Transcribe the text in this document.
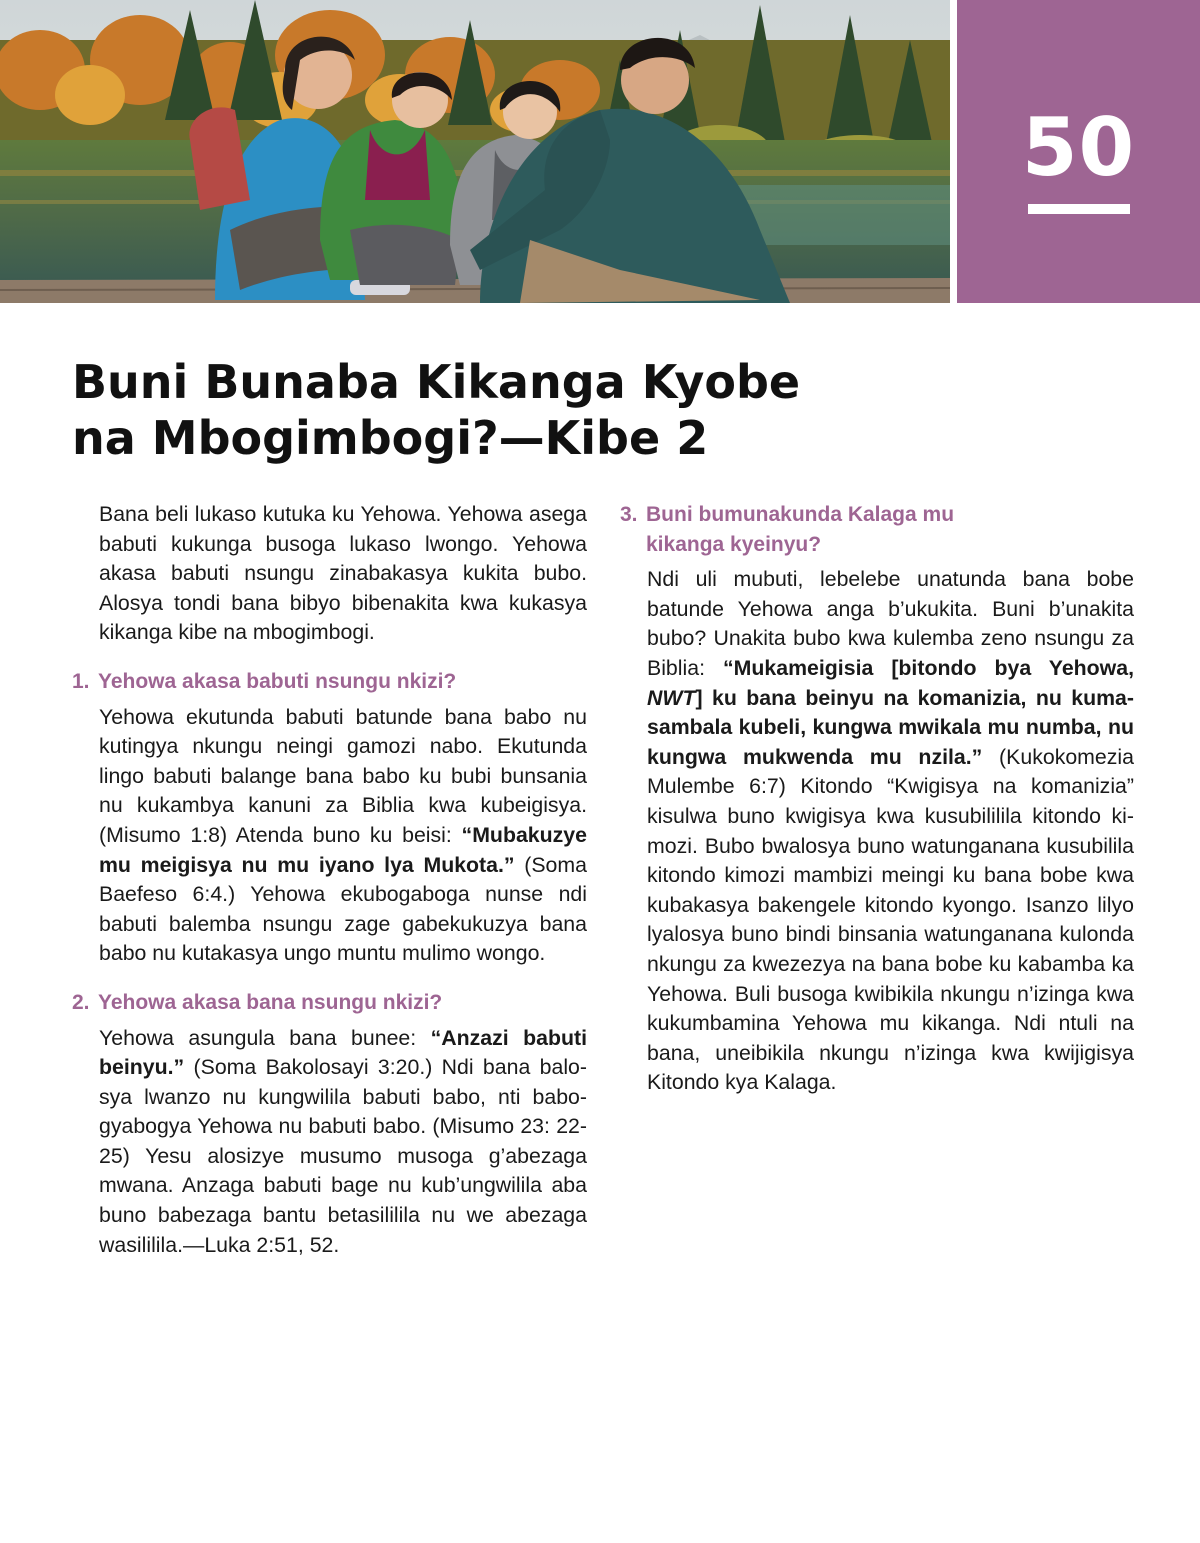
50
Buni Bunaba Kikanga Kyobe
na Mbogimbogi?—Kibe 2

Bana beli lukaso kutuka ku Yehowa. Yehowa asega babuti kukunga busoga lukaso lwongo. Yehowa akasa babuti nsungu zinabakasya kukita bubo. Alosya tondi bana bibyo bibenakita kwa kukasya kikanga kibe na mbogimbogi.

1. Yehowa akasa babuti nsungu nkizi?

Yehowa ekutunda babuti batunde bana babo nu kutingya nkungu neingi gamozi nabo. Ekutunda lingo babuti balange bana babo ku bubi bunsania nu kukambya kanuni za Biblia kwa kubeigisya. (Misumo 1:8) Atenda buno ku beisi: “Mubakuzye mu meigisya nu mu iyano lya Mukota.” (Soma Baefeso 6:4.) Yehowa ekubogaboga nunse ndi babuti balemba nsungu zage gabekukuzya bana babo nu kutakasya ungo muntu mulimo wongo.

2. Yehowa akasa bana nsungu nkizi?

Yehowa asungula bana bunee: “Anzazi babuti beinyu.” (Soma Bakolosayi 3:20.) Ndi bana balosya lwanzo nu kungwilila babuti babo, nti babogyabogya Yehowa nu babuti babo. (Misumo 23: 22-25) Yesu alosizye musumo musoga g’abezaga mwana. Anzaga babuti bage nu kub’ungwilila aba buno babezaga bantu betasililila nu we abezaga wasililila.—Luka 2:51, 52.

3. Buni bumunakunda Kalaga mu
kikanga kyeinyu?

Ndi uli mubuti, lebelebe unatunda bana bobe batunde Yehowa anga b’ukukita. Buni b’unakita bubo? Unakita bubo kwa kulemba zeno nsungu za Biblia: “Mukameigisia [bitondo bya Yehowa, NWT] ku bana beinyu na komanizia, nu kumasambala kubeli, kungwa mwikala mu numba, nu kungwa mukwenda mu nzila.” (Kukokomezia Mulembe 6:7) Kitondo “Kwigisya na komanizia” kisulwa buno kwigisya kwa kusubililila kitondo kimozi. Bubo bwalosya buno watunganana kusubilila kitondo kimozi mambizi meingi ku bana bobe kwa kubakasya bakengele kitondo kyongo. Isanzo lilyo lyalosya buno bindi binsania watunganana kulonda nkungu za kwezezya na bana bobe ku kabamba ka Yehowa. Buli busoga kwibikila nkungu n’izinga kwa kukumbamina Yehowa mu kikanga. Ndi ntuli na bana, uneibikila nkungu n’izinga kwa kwijigisya Kitondo kya Kalaga.
